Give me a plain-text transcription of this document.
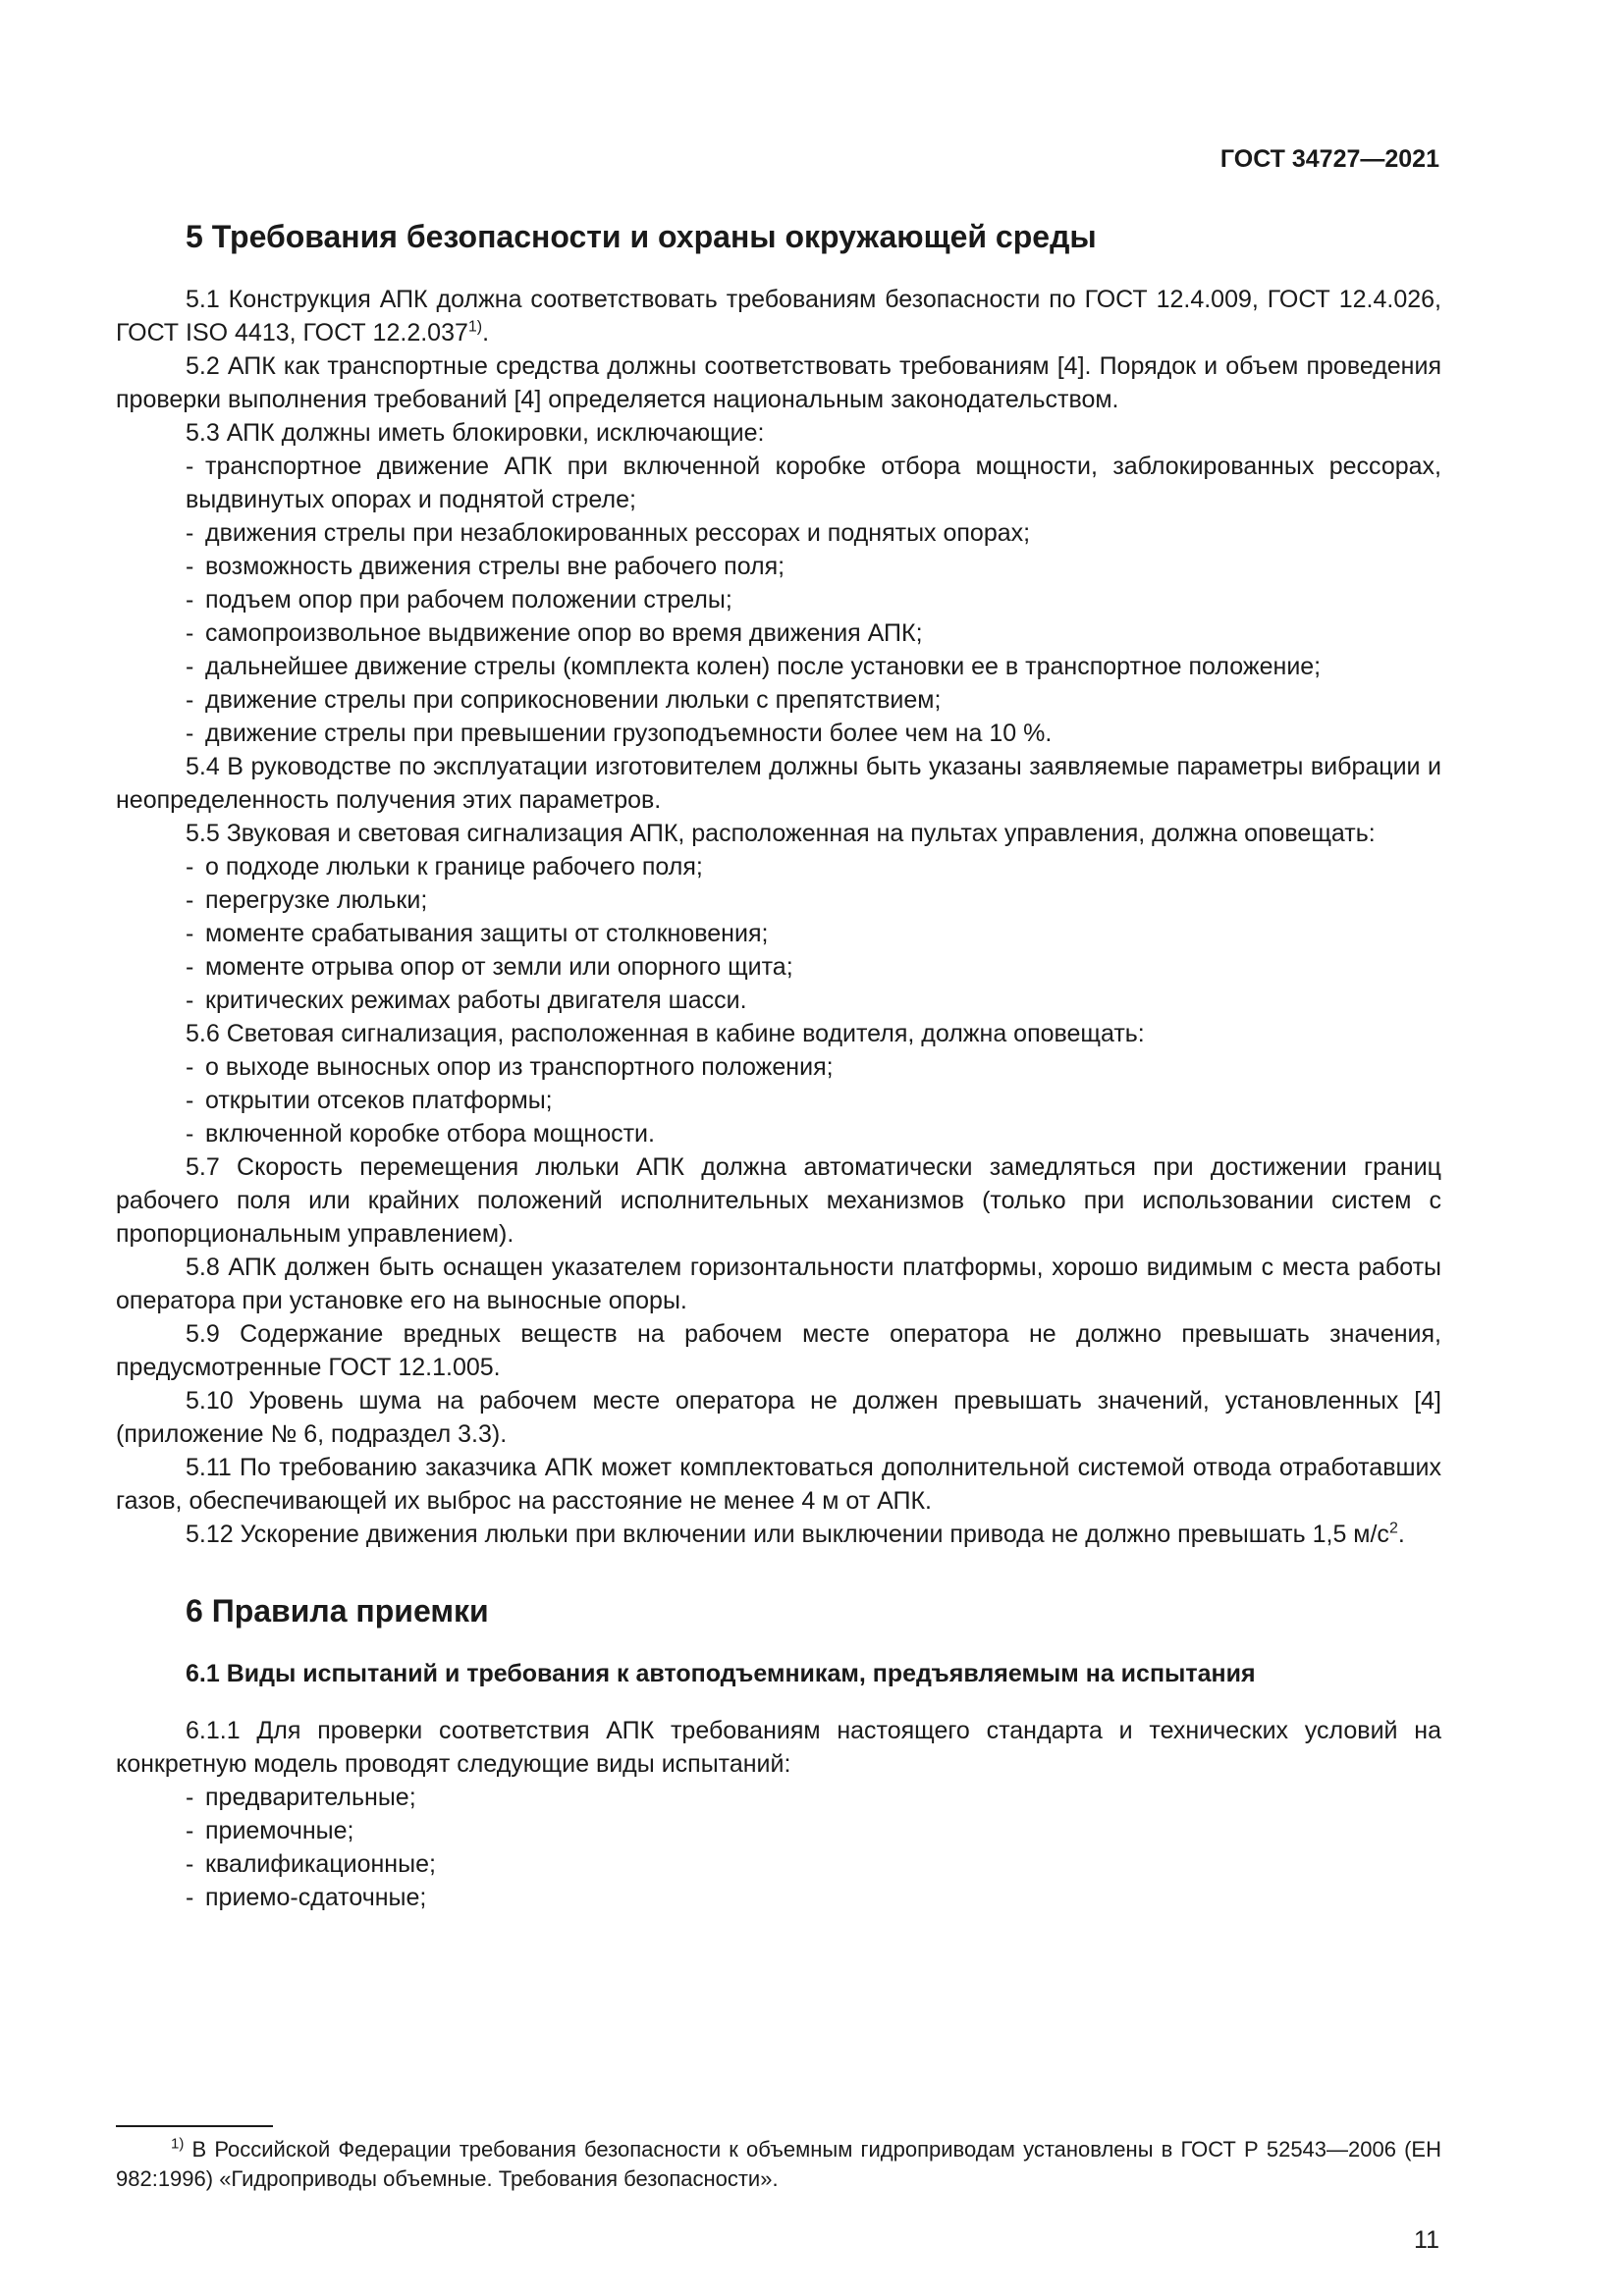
ГОСТ 34727—2021
5 Требования безопасности и охраны окружающей среды

5.1 Конструкция АПК должна соответствовать требованиям безопасности по ГОСТ 12.4.009, ГОСТ 12.4.026, ГОСТ ISO 4413, ГОСТ 12.2.037$^{1)}$.

5.2 АПК как транспортные средства должны соответствовать требованиям [4]. Порядок и объем проведения проверки выполнения требований [4] определяется национальным законодательством.

5.3 АПК должны иметь блокировки, исключающие:

- транспортное движение АПК при включенной коробке отбора мощности, заблокированных рессорах, выдвинутых опорах и поднятой стреле;

- движения стрелы при незаблокированных рессорах и поднятых опорах;

- возможность движения стрелы вне рабочего поля;

- подъем опор при рабочем положении стрелы;

- самопроизвольное выдвижение опор во время движения АПК;

- дальнейшее движение стрелы (комплекта колен) после установки ее в транспортное положение;

- движение стрелы при соприкосновении люльки с препятствием;

- движение стрелы при превышении грузоподъемности более чем на 10 %.

5.4 В руководстве по эксплуатации изготовителем должны быть указаны заявляемые параметры вибрации и неопределенность получения этих параметров.

5.5 Звуковая и световая сигнализация АПК, расположенная на пультах управления, должна оповещать:

- о подходе люльки к границе рабочего поля;

- перегрузке люльки;

- моменте срабатывания защиты от столкновения;

- моменте отрыва опор от земли или опорного щита;

- критических режимах работы двигателя шасси.

5.6 Световая сигнализация, расположенная в кабине водителя, должна оповещать:

- о выходе выносных опор из транспортного положения;

- открытии отсеков платформы;

- включенной коробке отбора мощности.

5.7 Скорость перемещения люльки АПК должна автоматически замедляться при достижении границ рабочего поля или крайних положений исполнительных механизмов (только при использовании систем с пропорциональным управлением).

5.8 АПК должен быть оснащен указателем горизонтальности платформы, хорошо видимым с места работы оператора при установке его на выносные опоры.

5.9 Содержание вредных веществ на рабочем месте оператора не должно превышать значения, предусмотренные ГОСТ 12.1.005.

5.10 Уровень шума на рабочем месте оператора не должен превышать значений, установленных [4] (приложение № 6, подраздел 3.3).

5.11 По требованию заказчика АПК может комплектоваться дополнительной системой отвода отработавших газов, обеспечивающей их выброс на расстояние не менее 4 м от АПК.

5.12 Ускорение движения люльки при включении или выключении привода не должно превышать 1,5 $м/с^2$.

6 Правила приемки
6.1 Виды испытаний и требования к автоподъемникам, предъявляемым на испытания

6.1.1 Для проверки соответствия АПК требованиям настоящего стандарта и технических условий на конкретную модель проводят следующие виды испытаний:

- предварительные;

- приемочные;

- квалификационные;

- приемо-сдаточные;

$^{1)}$ В Российской Федерации требования безопасности к объемным гидроприводам установлены в ГОСТ Р 52543—2006 (ЕН 982:1996) «Гидроприводы объемные. Требования безопасности».

11
